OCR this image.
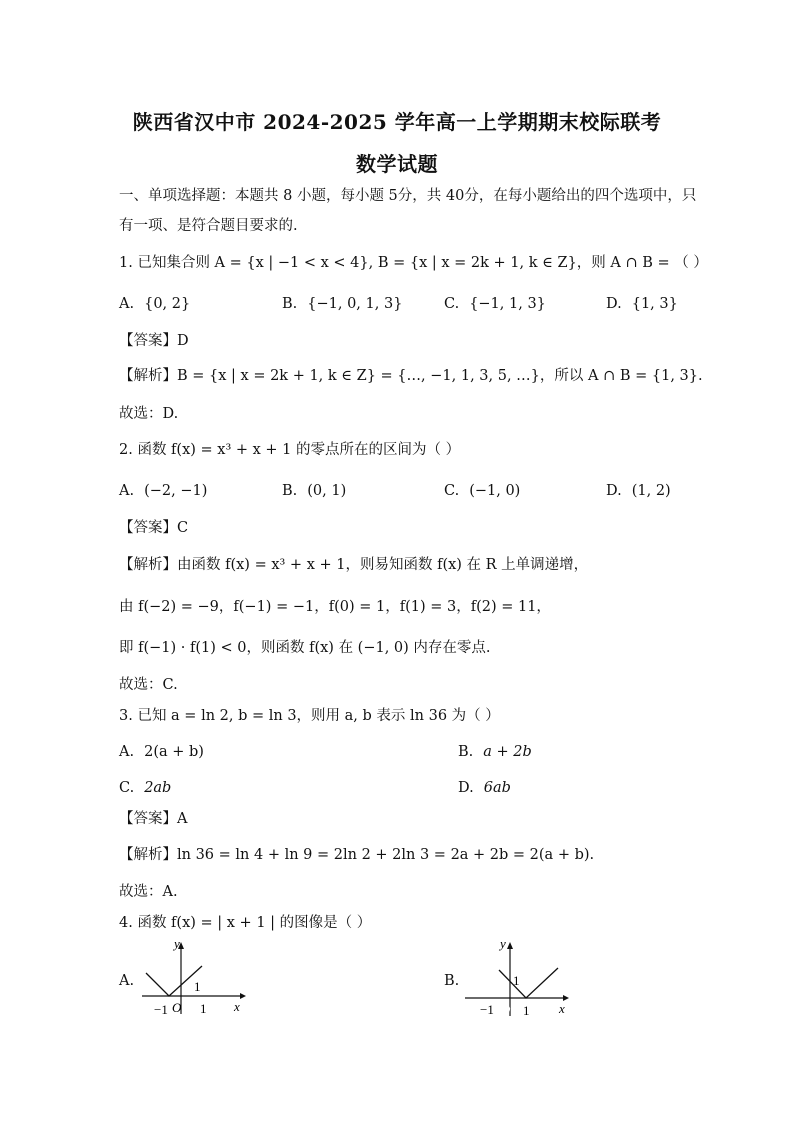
陕西省汉中市 2024-2025 学年高一上学期期末校际联考
数学试题
一、单项选择题：本题共 8 小题，每小题 5分，共 40分，在每小题给出的四个选项中，只
有一项、是符合题目要求的.
1. 已知集合则 A = {x | −1 < x < 4}, B = {x | x = 2k + 1, k ∈ Z}，则 A ∩ B = （ ）
A. {0, 2}	B. {−1, 0, 1, 3}	C. {−1, 1, 3}	D. {1, 3}
【答案】D
【解析】B = {x | x = 2k + 1, k ∈ Z} = {…, −1, 1, 3, 5, …}，所以 A ∩ B = {1, 3}.
故选：D.
2. 函数 f(x) = x³ + x + 1 的零点所在的区间为（ ）
A. (−2, −1)	B. (0, 1)	C. (−1, 0)	D. (1, 2)
【答案】C
【解析】由函数 f(x) = x³ + x + 1，则易知函数 f(x) 在 R 上单调递增，
由 f(−2) = −9，f(−1) = −1，f(0) = 1，f(1) = 3，f(2) = 11，
即 f(−1) · f(1) < 0，则函数 f(x) 在 (−1, 0) 内存在零点.
故选：C.
3. 已知 a = ln 2, b = ln 3，则用 a, b 表示 ln 36 为（ ）
A. 2(a + b)	B. a + 2b
C. 2ab	D. 6ab
【答案】A
【解析】ln 36 = ln 4 + ln 9 = 2ln 2 + 2ln 3 = 2a + 2b = 2(a + b).
故选：A.
4. 函数 f(x) = | x + 1 | 的图像是（ ）
A.
y
x
O
−1 1
1	B.
y
x
−1 O 1
1
